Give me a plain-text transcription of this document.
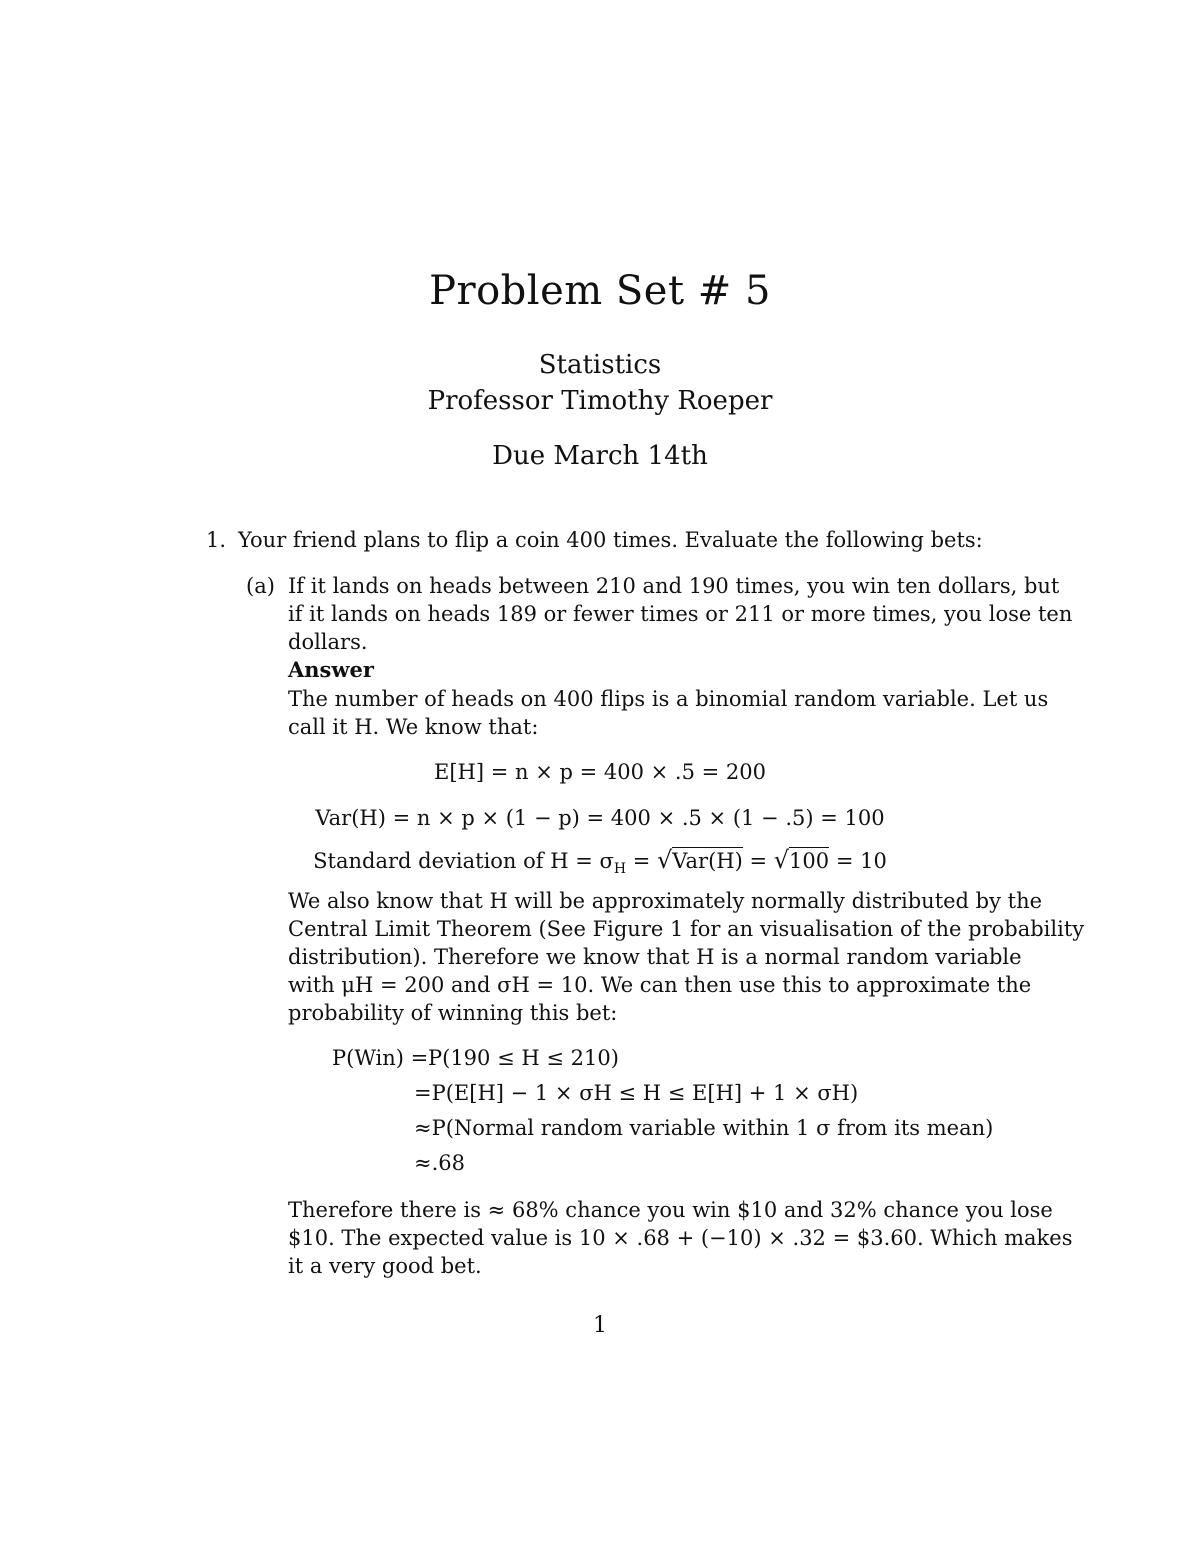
Problem Set # 5
Statistics
Professor Timothy Roeper
Due March 14th
1. Your friend plans to flip a coin 400 times. Evaluate the following bets:
(a) If it lands on heads between 210 and 190 times, you win ten dollars, but
if it lands on heads 189 or fewer times or 211 or more times, you lose ten
dollars.
Answer
The number of heads on 400 flips is a binomial random variable. Let us
call it H. We know that:
E[H] = n × p = 400 × .5 = 200
Var(H) = n × p × (1 − p) = 400 × .5 × (1 − .5) = 100
Standard deviation of $H = \sigma_H = √Var(H) = √100 = 10$
We also know that H will be approximately normally distributed by the
Central Limit Theorem (See Figure 1 for an visualisation of the probability
distribution). Therefore we know that H is a normal random variable
with μH = 200 and σH = 10. We can then use this to approximate the
probability of winning this bet:
P(Win) = P(190 ≤ H ≤ 210)
=P(E[H] − 1 × σH ≤ H ≤ E[H] + 1 × σH)
≈P(Normal random variable within 1 σ from its mean)
≈.68
Therefore there is ≈ 68% chance you win $10 and 32% chance you lose
$10. The expected value is 10 × .68 + (−10) × .32 = $3.60. Which makes
it a very good bet.
1
